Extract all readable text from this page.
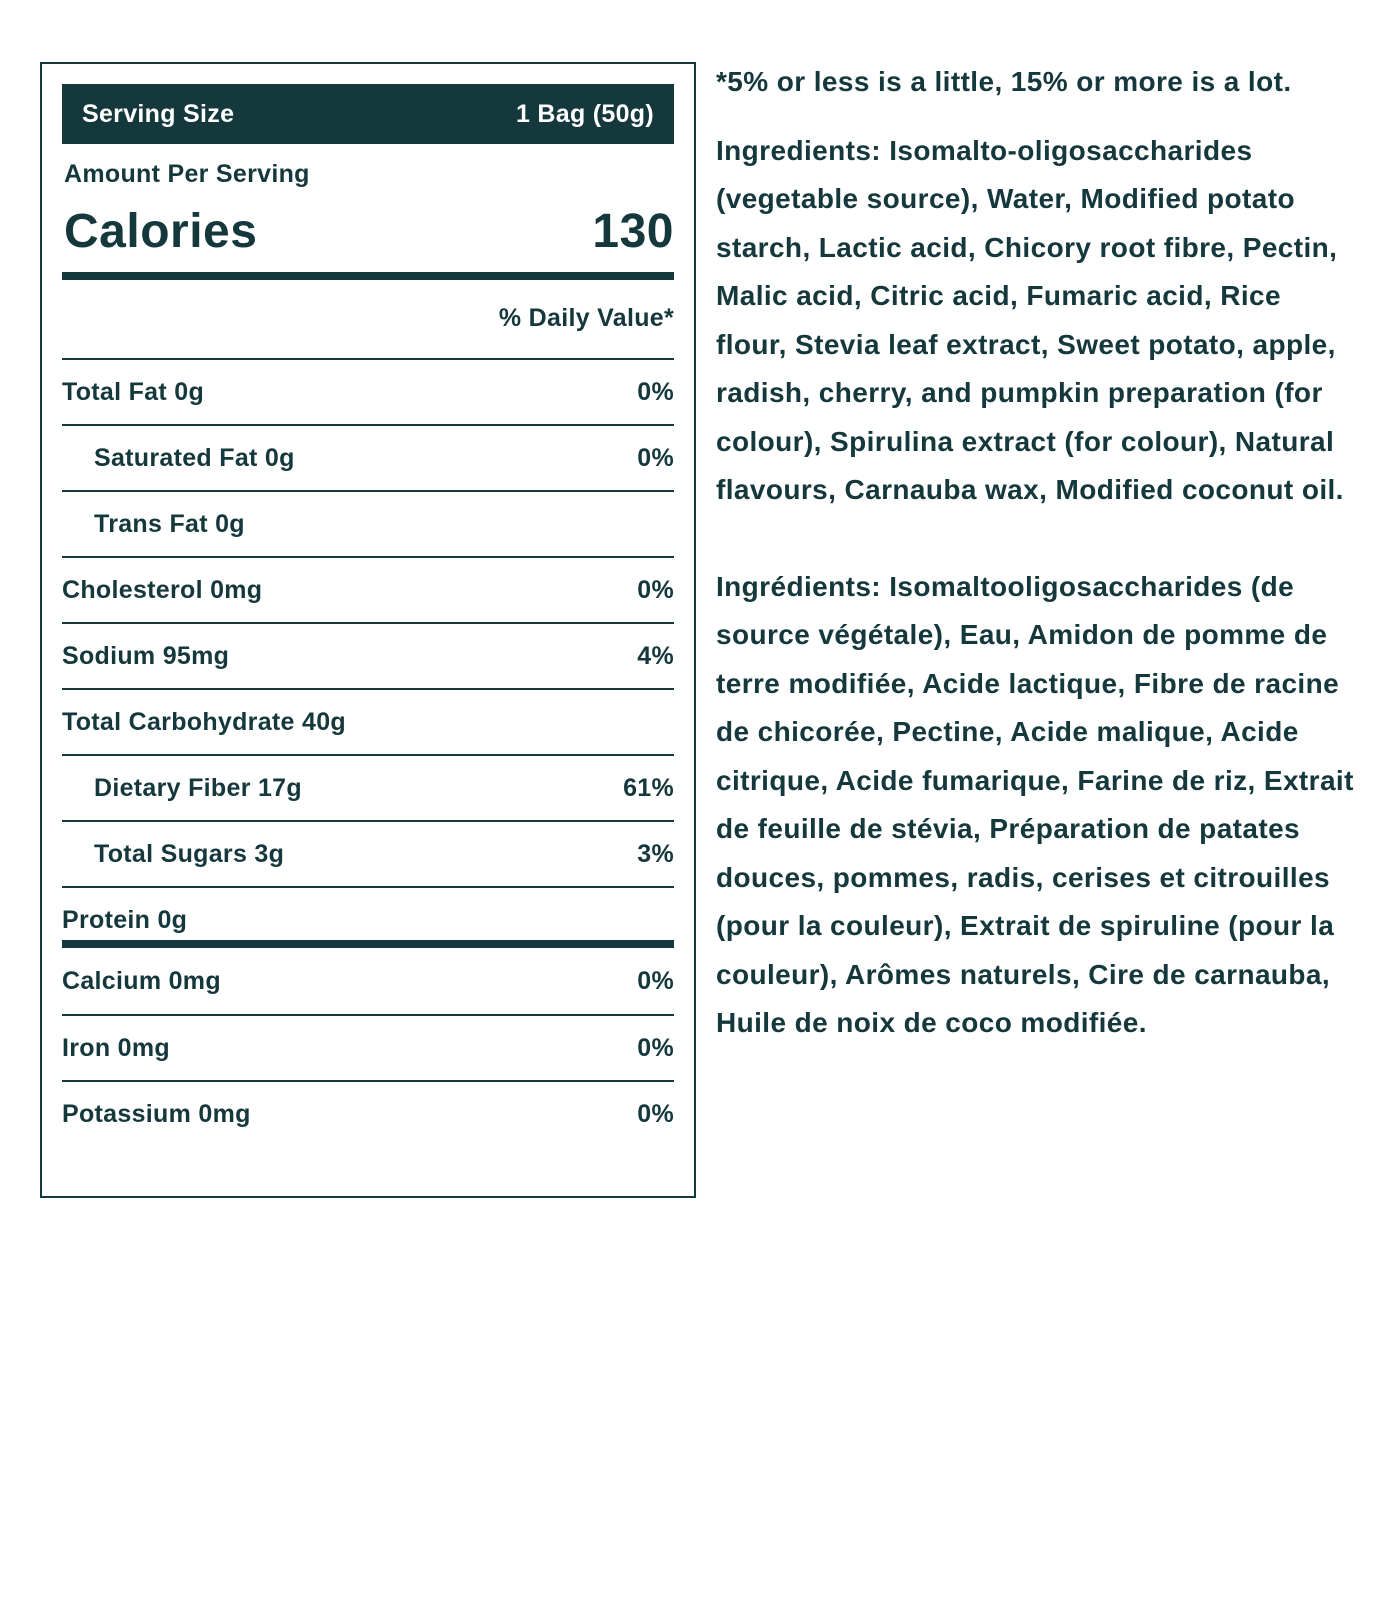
Serving Size	1 Bag (50g)
Amount Per Serving
Calories	130
% Daily Value*
Total Fat 0g	0%
Saturated Fat 0g	0%
Trans Fat 0g
Cholesterol 0mg	0%
Sodium 95mg	4%
Total Carbohydrate 40g
Dietary Fiber 17g	61%
Total Sugars 3g	3%
Protein 0g
Calcium 0mg	0%
Iron 0mg	0%
Potassium 0mg	0%

*5% or less is a little, 15% or more is a lot.

Ingredients: Isomalto-oligosaccharides (vegetable source), Water, Modified potato starch, Lactic acid, Chicory root fibre, Pectin, Malic acid, Citric acid, Fumaric acid, Rice flour, Stevia leaf extract, Sweet potato, apple, radish, cherry, and pumpkin preparation (for colour), Spirulina extract (for colour), Natural flavours, Carnauba wax, Modified coconut oil.

Ingrédients: Isomaltooligosaccharides (de source végétale), Eau, Amidon de pomme de terre modifiée, Acide lactique, Fibre de racine de chicorée, Pectine, Acide malique, Acide citrique, Acide fumarique, Farine de riz, Extrait de feuille de stévia, Préparation de patates douces, pommes, radis, cerises et citrouilles (pour la couleur), Extrait de spiruline (pour la couleur), Arômes naturels, Cire de carnauba, Huile de noix de coco modifiée.
